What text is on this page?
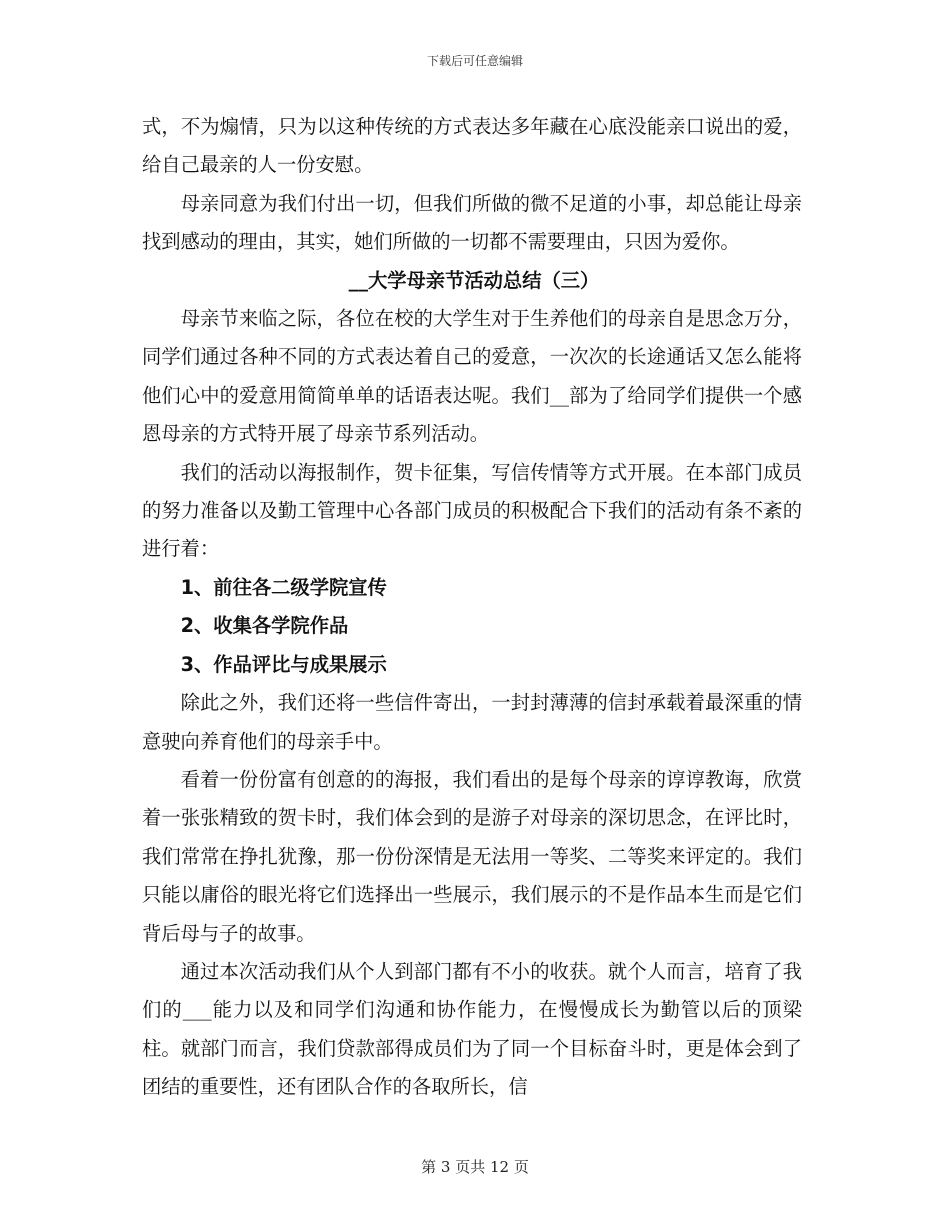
下载后可任意编辑

式，不为煽情，只为以这种传统的方式表达多年藏在心底没能亲口说出的爱，给自己最亲的人一份安慰。

母亲同意为我们付出一切，但我们所做的微不足道的小事，却总能让母亲找到感动的理由，其实，她们所做的一切都不需要理由，只因为爱你。

__大学母亲节活动总结（三）

母亲节来临之际，各位在校的大学生对于生养他们的母亲自是思念万分，同学们通过各种不同的方式表达着自己的爱意，一次次的长途通话又怎么能将他们心中的爱意用简简单单的话语表达呢。我们__部为了给同学们提供一个感恩母亲的方式特开展了母亲节系列活动。

我们的活动以海报制作，贺卡征集，写信传情等方式开展。在本部门成员的努力准备以及勤工管理中心各部门成员的积极配合下我们的活动有条不紊的进行着：

1、前往各二级学院宣传

2、收集各学院作品

3、作品评比与成果展示

除此之外，我们还将一些信件寄出，一封封薄薄的信封承载着最深重的情意驶向养育他们的母亲手中。

看着一份份富有创意的的海报，我们看出的是每个母亲的谆谆教诲，欣赏着一张张精致的贺卡时，我们体会到的是游子对母亲的深切思念，在评比时，我们常常在挣扎犹豫，那一份份深情是无法用一等奖、二等奖来评定的。我们只能以庸俗的眼光将它们选择出一些展示，我们展示的不是作品本生而是它们背后母与子的故事。

通过本次活动我们从个人到部门都有不小的收获。就个人而言，培育了我们的___能力以及和同学们沟通和协作能力，在慢慢成长为勤管以后的顶梁柱。就部门而言，我们贷款部得成员们为了同一个目标奋斗时，更是体会到了团结的重要性，还有团队合作的各取所长，信

第 3 页共 12 页
